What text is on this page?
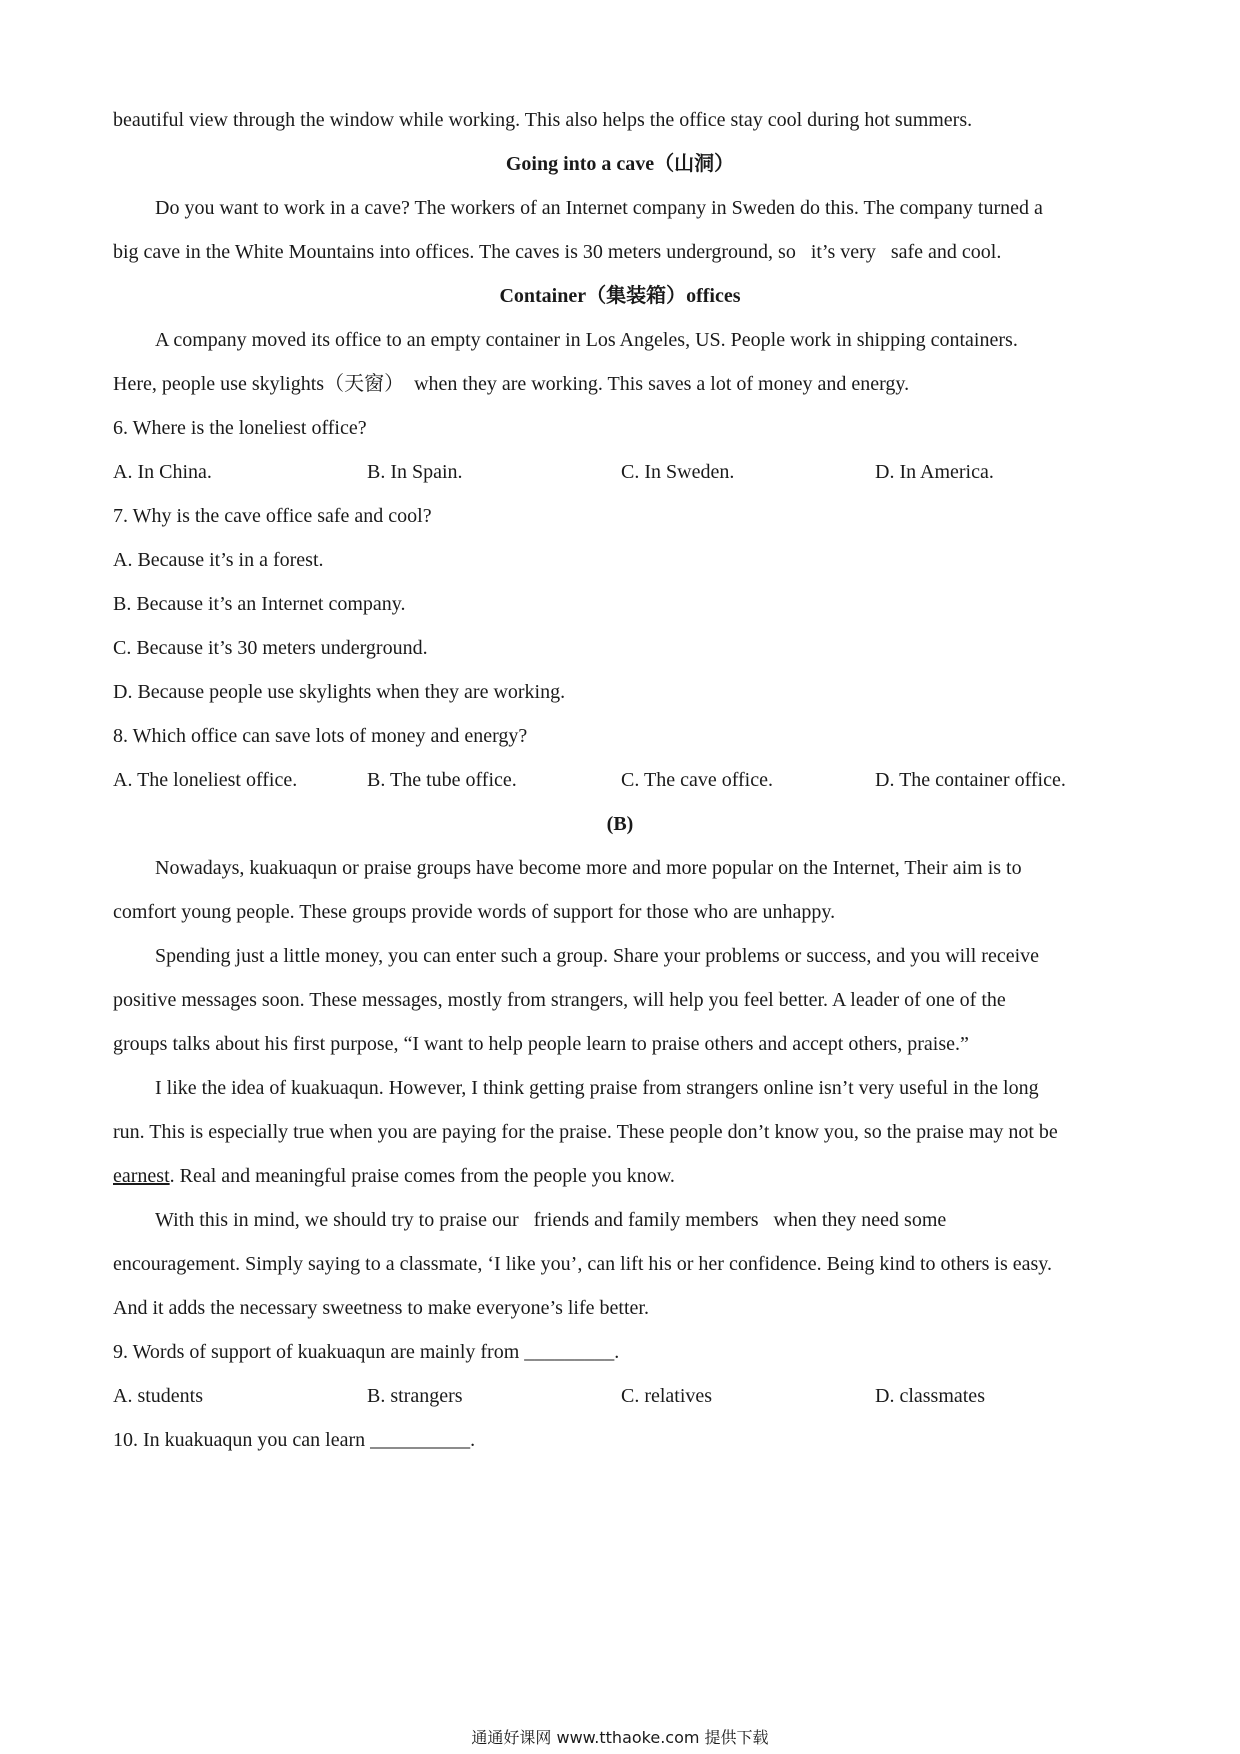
beautiful view through the window while working. This also helps the office stay cool during hot summers.
Going into a cave（山洞）
Do you want to work in a cave? The workers of an Internet company in Sweden do this. The company turned a
big cave in the White Mountains into offices. The caves is 30 meters underground, so   it’s very   safe and cool.
Container（集装箱）offices
A company moved its office to an empty container in Los Angeles, US. People work in shipping containers.
Here, people use skylights（天窗）  when they are working. This saves a lot of money and energy.
6. Where is the loneliest office?
A. In China.	B. In Spain.	C. In Sweden.	D. In America.
7. Why is the cave office safe and cool?
A. Because it’s in a forest.
B. Because it’s an Internet company.
C. Because it’s 30 meters underground.
D. Because people use skylights when they are working.
8. Which office can save lots of money and energy?
A. The loneliest office.	B. The tube office.	C. The cave office.	D. The container office.
(B)
Nowadays, kuakuaqun or praise groups have become more and more popular on the Internet, Their aim is to
comfort young people. These groups provide words of support for those who are unhappy.
Spending just a little money, you can enter such a group. Share your problems or success, and you will receive
positive messages soon. These messages, mostly from strangers, will help you feel better. A leader of one of the
groups talks about his first purpose, “I want to help people learn to praise others and accept others, praise.”
I like the idea of kuakuaqun. However, I think getting praise from strangers online isn’t very useful in the long
run. This is especially true when you are paying for the praise. These people don’t know you, so the praise may not be
earnest. Real and meaningful praise comes from the people you know.
With this in mind, we should try to praise our   friends and family members   when they need some
encouragement. Simply saying to a classmate, ‘I like you’, can lift his or her confidence. Being kind to others is easy.
And it adds the necessary sweetness to make everyone’s life better.
9. Words of support of kuakuaqun are mainly from _________.
A. students	B. strangers	C. relatives	D. classmates
10. In kuakuaqun you can learn __________.
通通好课网 www.tthaoke.com 提供下载
